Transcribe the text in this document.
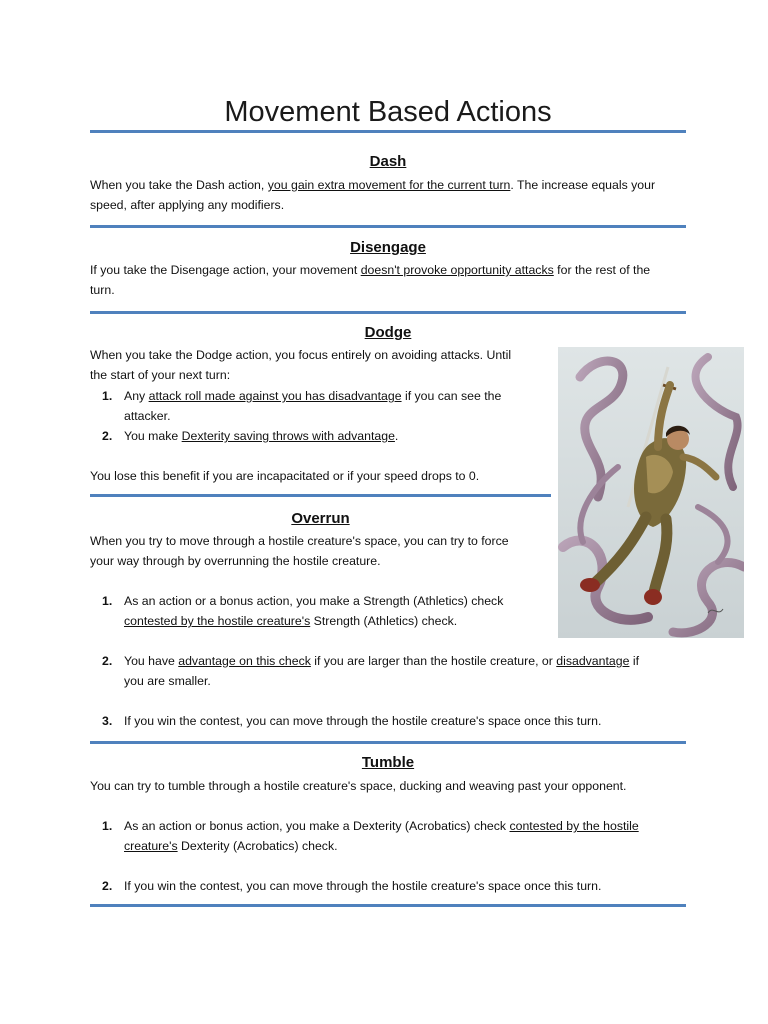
Movement Based Actions
Dash
When you take the Dash action, you gain extra movement for the current turn. The increase equals your
speed, after applying any modifiers.
Disengage
If you take the Disengage action, your movement doesn't provoke opportunity attacks for the rest of the
turn.
Dodge
When you take the Dodge action, you focus entirely on avoiding attacks. Until
the start of your next turn:
1. Any attack roll made against you has disadvantage if you can see the
attacker.
2. You make Dexterity saving throws with advantage.
You lose this benefit if you are incapacitated or if your speed drops to 0.
Overrun
When you try to move through a hostile creature's space, you can try to force
your way through by overrunning the hostile creature.
1. As an action or a bonus action, you make a Strength (Athletics) check
contested by the hostile creature's Strength (Athletics) check.
2. You have advantage on this check if you are larger than the hostile creature, or disadvantage if
you are smaller.
3. If you win the contest, you can move through the hostile creature's space once this turn.
Tumble
You can try to tumble through a hostile creature's space, ducking and weaving past your opponent.
1. As an action or bonus action, you make a Dexterity (Acrobatics) check contested by the hostile
creature's Dexterity (Acrobatics) check.
2. If you win the contest, you can move through the hostile creature's space once this turn.
